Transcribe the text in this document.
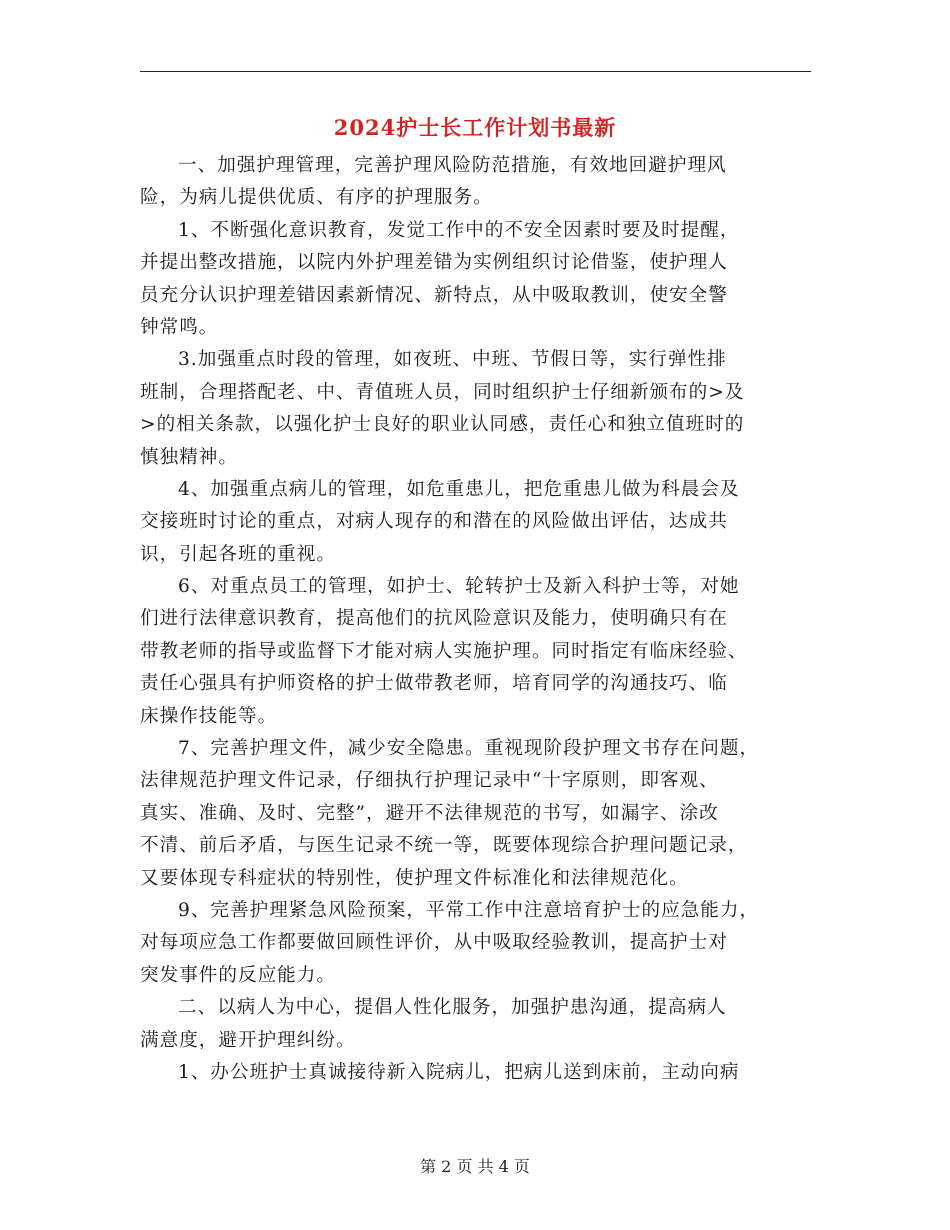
2024护士长工作计划书最新
一、加强护理管理，完善护理风险防范措施，有效地回避护理风
险，为病儿提供优质、有序的护理服务。
1、不断强化意识教育，发觉工作中的不安全因素时要及时提醒，
并提出整改措施，以院内外护理差错为实例组织讨论借鉴，使护理人
员充分认识护理差错因素新情况、新特点，从中吸取教训，使安全警
钟常鸣。
3.加强重点时段的管理，如夜班、中班、节假日等，实行弹性排
班制，合理搭配老、中、青值班人员，同时组织护士仔细新颁布的>及
>的相关条款，以强化护士良好的职业认同感，责任心和独立值班时的
慎独精神。
4、加强重点病儿的管理，如危重患儿，把危重患儿做为科晨会及
交接班时讨论的重点，对病人现存的和潜在的风险做出评估，达成共
识，引起各班的重视。
6、对重点员工的管理，如护士、轮转护士及新入科护士等，对她
们进行法律意识教育，提高他们的抗风险意识及能力，使明确只有在
带教老师的指导或监督下才能对病人实施护理。同时指定有临床经验、
责任心强具有护师资格的护士做带教老师，培育同学的沟通技巧、临
床操作技能等。
7、完善护理文件，减少安全隐患。重视现阶段护理文书存在问题，
法律规范护理文件记录，仔细执行护理记录中“十字原则，即客观、
真实、准确、及时、完整”，避开不法律规范的书写，如漏字、涂改
不清、前后矛盾，与医生记录不统一等，既要体现综合护理问题记录，
又要体现专科症状的特别性，使护理文件标准化和法律规范化。
9、完善护理紧急风险预案，平常工作中注意培育护士的应急能力，
对每项应急工作都要做回顾性评价，从中吸取经验教训，提高护士对
突发事件的反应能力。
二、以病人为中心，提倡人性化服务，加强护患沟通，提高病人
满意度，避开护理纠纷。
1、办公班护士真诚接待新入院病儿，把病儿送到床前，主动向病
第 2 页 共 4 页
